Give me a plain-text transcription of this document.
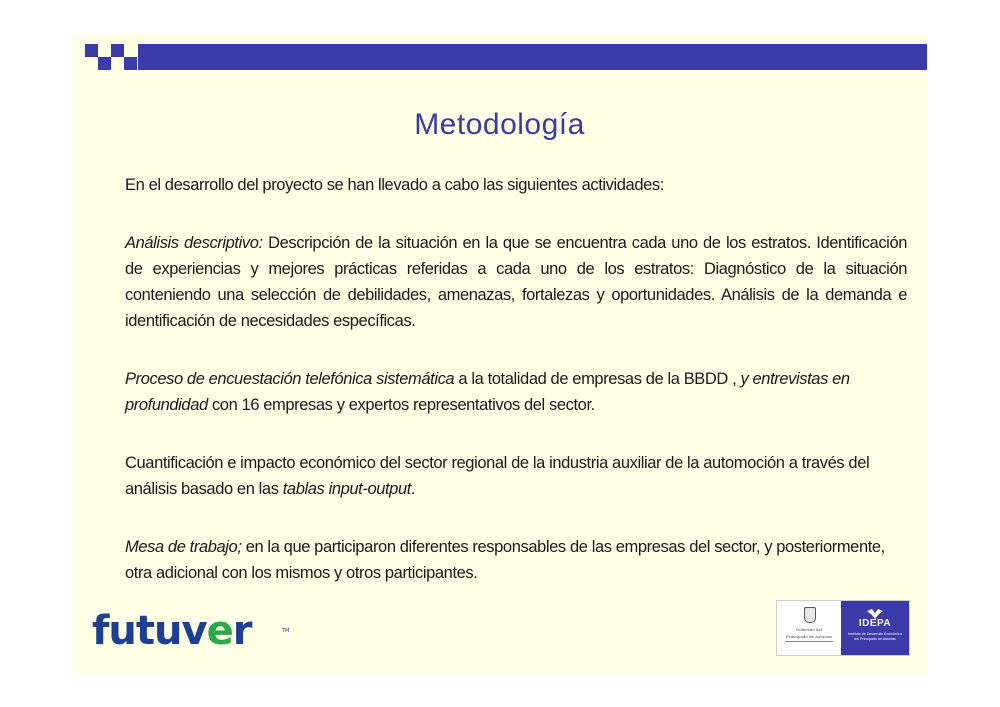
Metodología

En el desarrollo del proyecto se han llevado a cabo las siguientes actividades:

Análisis descriptivo: Descripción de la situación en la que se encuentra cada uno de los estratos. Identificación de experiencias y mejores prácticas referidas a cada uno de los estratos: Diagnóstico de la situación conteniendo una selección de debilidades, amenazas, fortalezas y oportunidades. Análisis de la demanda e identificación de necesidades específicas.

Proceso de encuestación telefónica sistemática a la totalidad de empresas de la BBDD , y entrevistas en profundidad con 16 empresas y expertos representativos del sector.

Cuantificación e impacto económico del sector regional de la industria auxiliar de la automoción a través del análisis basado en las tablas input-output.

Mesa de trabajo; en la que participaron diferentes responsables de las empresas del sector, y posteriormente, otra adicional con los mismos y otros participantes.

futuver	TM	Gobierno del
Principado de Asturias
IDEPA
Instituto de Desarrollo Económico
del Principado de Asturias
